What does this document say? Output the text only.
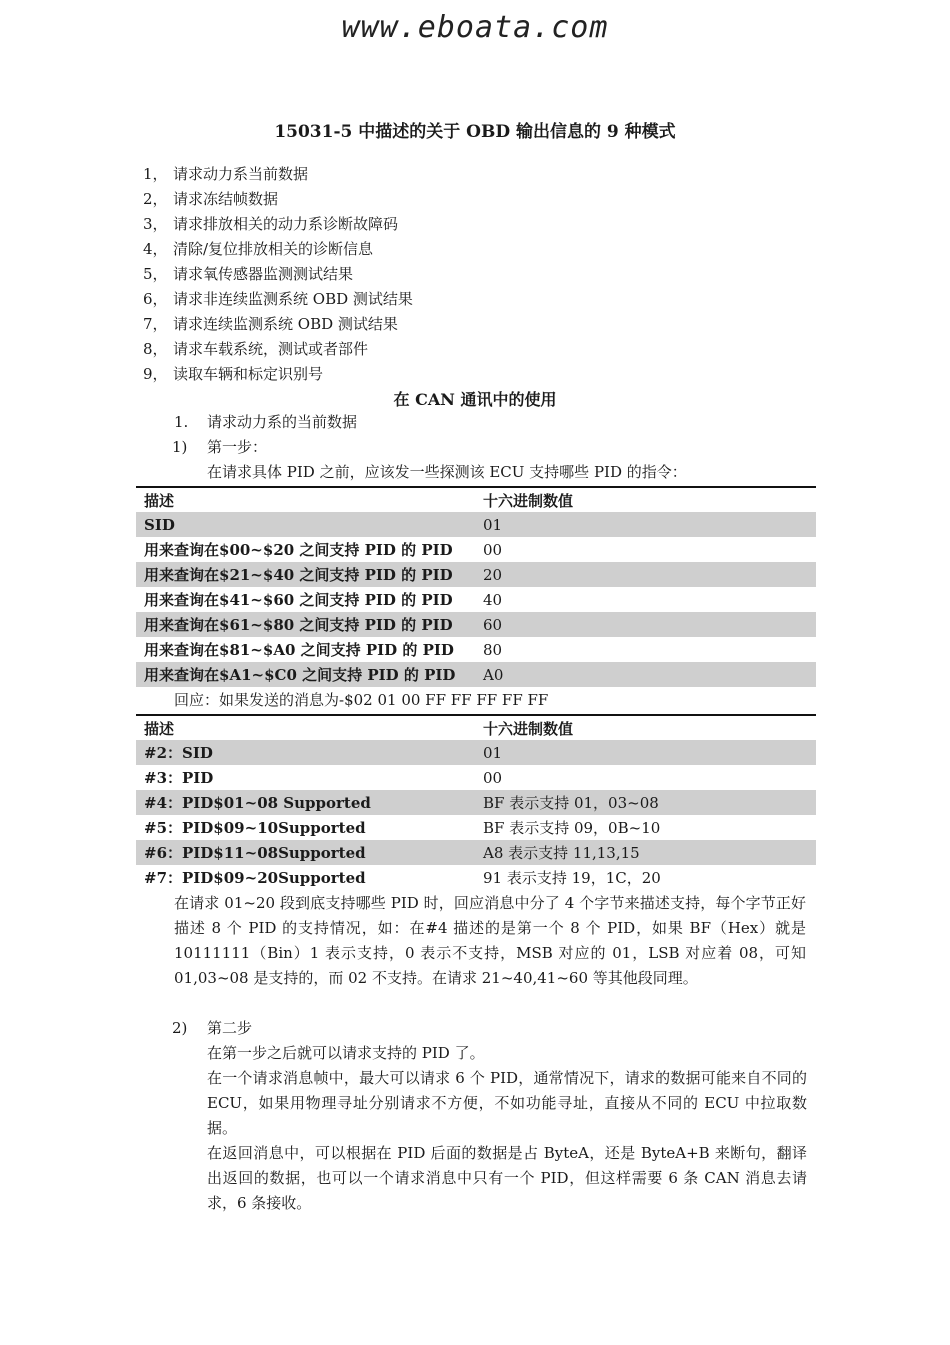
www.eboata.com
15031-5 中描述的关于 OBD 输出信息的 9 种模式
1， 请求动力系当前数据
2， 请求冻结帧数据
3， 请求排放相关的动力系诊断故障码
4， 清除/复位排放相关的诊断信息
5， 请求氧传感器监测测试结果
6， 请求非连续监测系统 OBD 测试结果
7， 请求连续监测系统 OBD 测试结果
8， 请求车载系统，测试或者部件
9， 读取车辆和标定识别号
在 CAN 通讯中的使用
1. 请求动力系的当前数据
1) 第一步：
在请求具体 PID 之前，应该发一些探测该 ECU 支持哪些 PID 的指令：
描述	十六进制数值
SID	01
用来查询在$00~$20 之间支持 PID 的 PID	00
用来查询在$21~$40 之间支持 PID 的 PID	20
用来查询在$41~$60 之间支持 PID 的 PID	40
用来查询在$61~$80 之间支持 PID 的 PID	60
用来查询在$81~$A0 之间支持 PID 的 PID	80
用来查询在$A1~$C0 之间支持 PID 的 PID	A0
回应：如果发送的消息为-$02 01 00 FF FF FF FF FF
描述	十六进制数值
#2：SID	01
#3：PID	00
#4：PID$01~08 Supported	BF 表示支持 01，03~08
#5：PID$09~10Supported	BF 表示支持 09，0B~10
#6：PID$11~08Supported	A8 表示支持 11,13,15
#7：PID$09~20Supported	91 表示支持 19，1C，20
在请求 01~20 段到底支持哪些 PID 时，回应消息中分了 4 个字节来描述支持，每个字节正好描述 8 个 PID 的支持情况，如：在#4 描述的是第一个 8 个 PID，如果 BF（Hex）就是 10111111（Bin）1 表示支持，0 表示不支持，MSB 对应的 01，LSB 对应着 08，可知 01,03~08 是支持的，而 02 不支持。在请求 21~40,41~60 等其他段同理。
2) 第二步
在第一步之后就可以请求支持的 PID 了。
在一个请求消息帧中，最大可以请求 6 个 PID，通常情况下，请求的数据可能来自不同的 ECU，如果用物理寻址分别请求不方便，不如功能寻址，直接从不同的 ECU 中拉取数据。
在返回消息中，可以根据在 PID 后面的数据是占 ByteA，还是 ByteA+B 来断句，翻译出返回的数据，也可以一个请求消息中只有一个 PID，但这样需要 6 条 CAN 消息去请求，6 条接收。
